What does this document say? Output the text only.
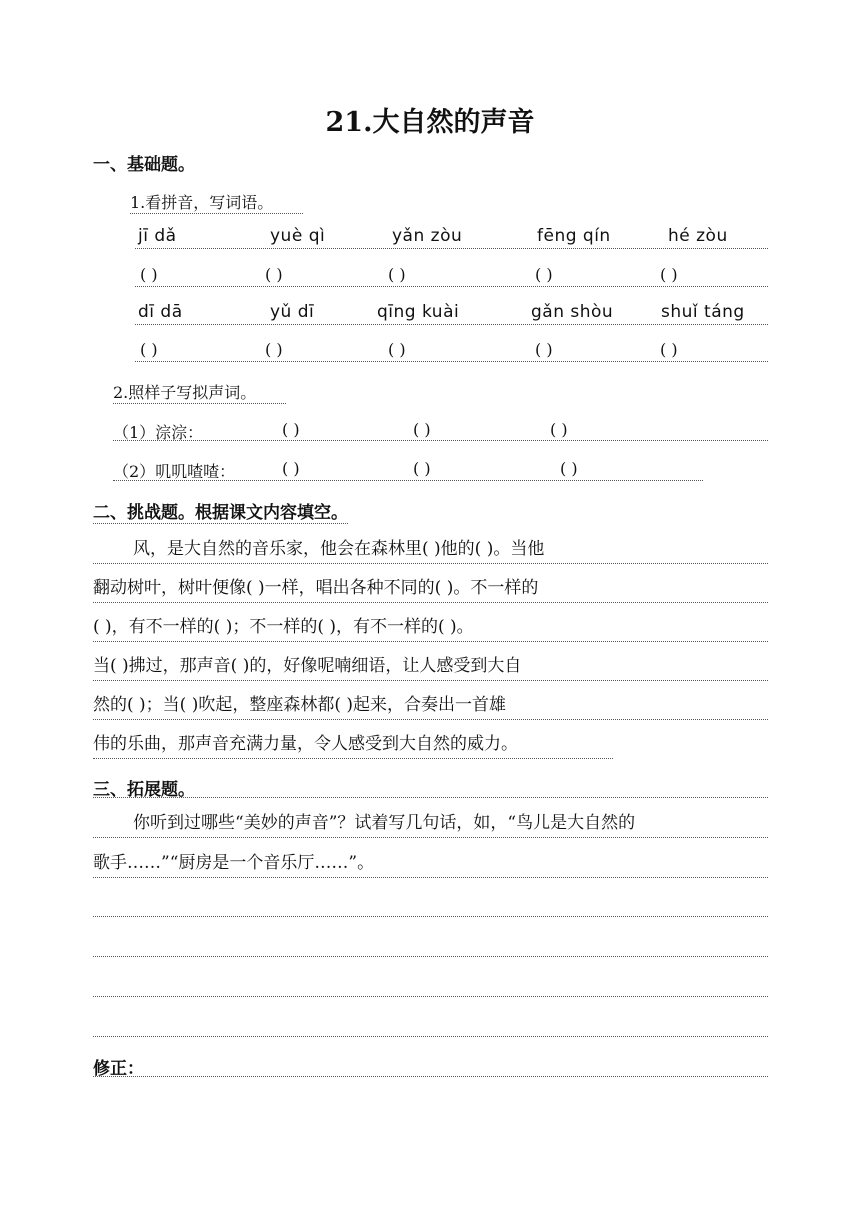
21.大自然的声音
一、基础题。
1.看拼音，写词语。
jī dǎ	yuè qì	yǎn zòu	fēng qín	hé zòu
( )	( )	( )	( )	( )
dī dā	yǔ dī	qīng kuài	gǎn shòu	shuǐ táng
( )	( )	( )	( )	( )
2.照样子写拟声词。
（1）淙淙：	( )	( )	( )
（2）叽叽喳喳：	( )	( )	( )
二、挑战题。根据课文内容填空。
风，是大自然的音乐家，他会在森林里( )他的( )。当他
翻动树叶，树叶便像( )一样，唱出各种不同的( )。不一样的
( )，有不一样的( )；不一样的( )，有不一样的( )。
当( )拂过，那声音( )的，好像呢喃细语，让人感受到大自
然的( )；当( )吹起，整座森林都( )起来，合奏出一首雄
伟的乐曲，那声音充满力量，令人感受到大自然的威力。
三、拓展题。
你听到过哪些“美妙的声音”？试着写几句话，如，“鸟儿是大自然的
歌手……”“厨房是一个音乐厅……”。
修正：
